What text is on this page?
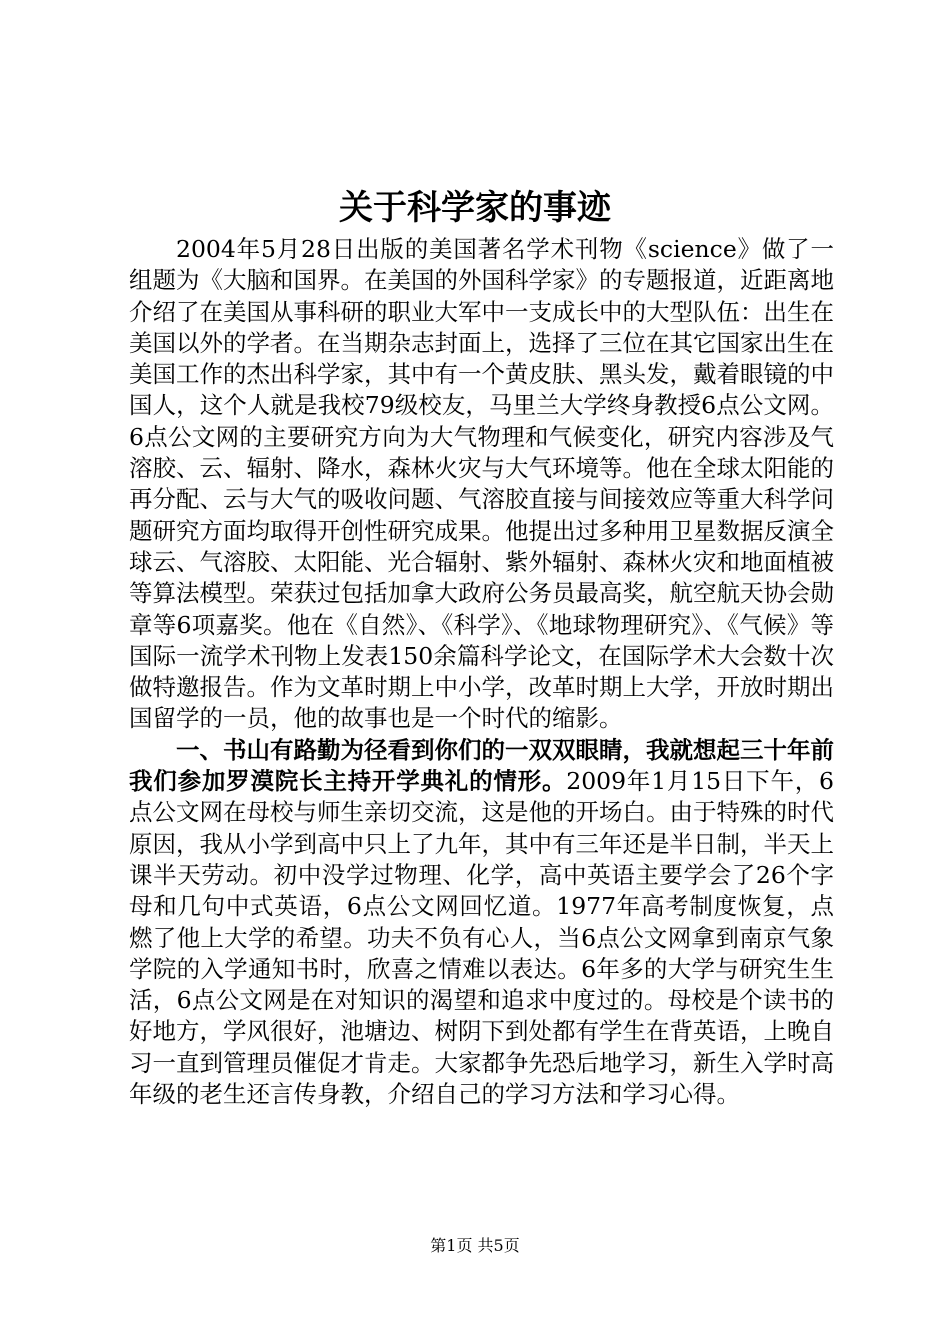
关于科学家的事迹

2004年5月28日出版的美国著名学术刊物《science》做了一组题为《大脑和国界。在美国的外国科学家》的专题报道，近距离地介绍了在美国从事科研的职业大军中一支成长中的大型队伍：出生在美国以外的学者。在当期杂志封面上，选择了三位在其它国家出生在美国工作的杰出科学家，其中有一个黄皮肤、黑头发，戴着眼镜的中国人，这个人就是我校79级校友，马里兰大学终身教授6点公文网。6点公文网的主要研究方向为大气物理和气候变化，研究内容涉及气溶胶、云、辐射、降水，森林火灾与大气环境等。他在全球太阳能的再分配、云与大气的吸收问题、气溶胶直接与间接效应等重大科学问题研究方面均取得开创性研究成果。他提出过多种用卫星数据反演全球云、气溶胶、太阳能、光合辐射、紫外辐射、森林火灾和地面植被等算法模型。荣获过包括加拿大政府公务员最高奖，航空航天协会勋章等6项嘉奖。他在《自然》、《科学》、《地球物理研究》、《气候》等国际一流学术刊物上发表150余篇科学论文，在国际学术大会数十次做特邀报告。作为文革时期上中小学，改革时期上大学，开放时期出国留学的一员，他的故事也是一个时代的缩影。

一、书山有路勤为径看到你们的一双双眼睛，我就想起三十年前我们参加罗漠院长主持开学典礼的情形。2009年1月15日下午，6点公文网在母校与师生亲切交流，这是他的开场白。由于特殊的时代原因，我从小学到高中只上了九年，其中有三年还是半日制，半天上课半天劳动。初中没学过物理、化学，高中英语主要学会了26个字母和几句中式英语，6点公文网回忆道。1977年高考制度恢复，点燃了他上大学的希望。功夫不负有心人，当6点公文网拿到南京气象学院的入学通知书时，欣喜之情难以表达。6年多的大学与研究生生活，6点公文网是在对知识的渴望和追求中度过的。母校是个读书的好地方，学风很好，池塘边、树阴下到处都有学生在背英语，上晚自习一直到管理员催促才肯走。大家都争先恐后地学习，新生入学时高年级的老生还言传身教，介绍自己的学习方法和学习心得。

第1页 共5页
